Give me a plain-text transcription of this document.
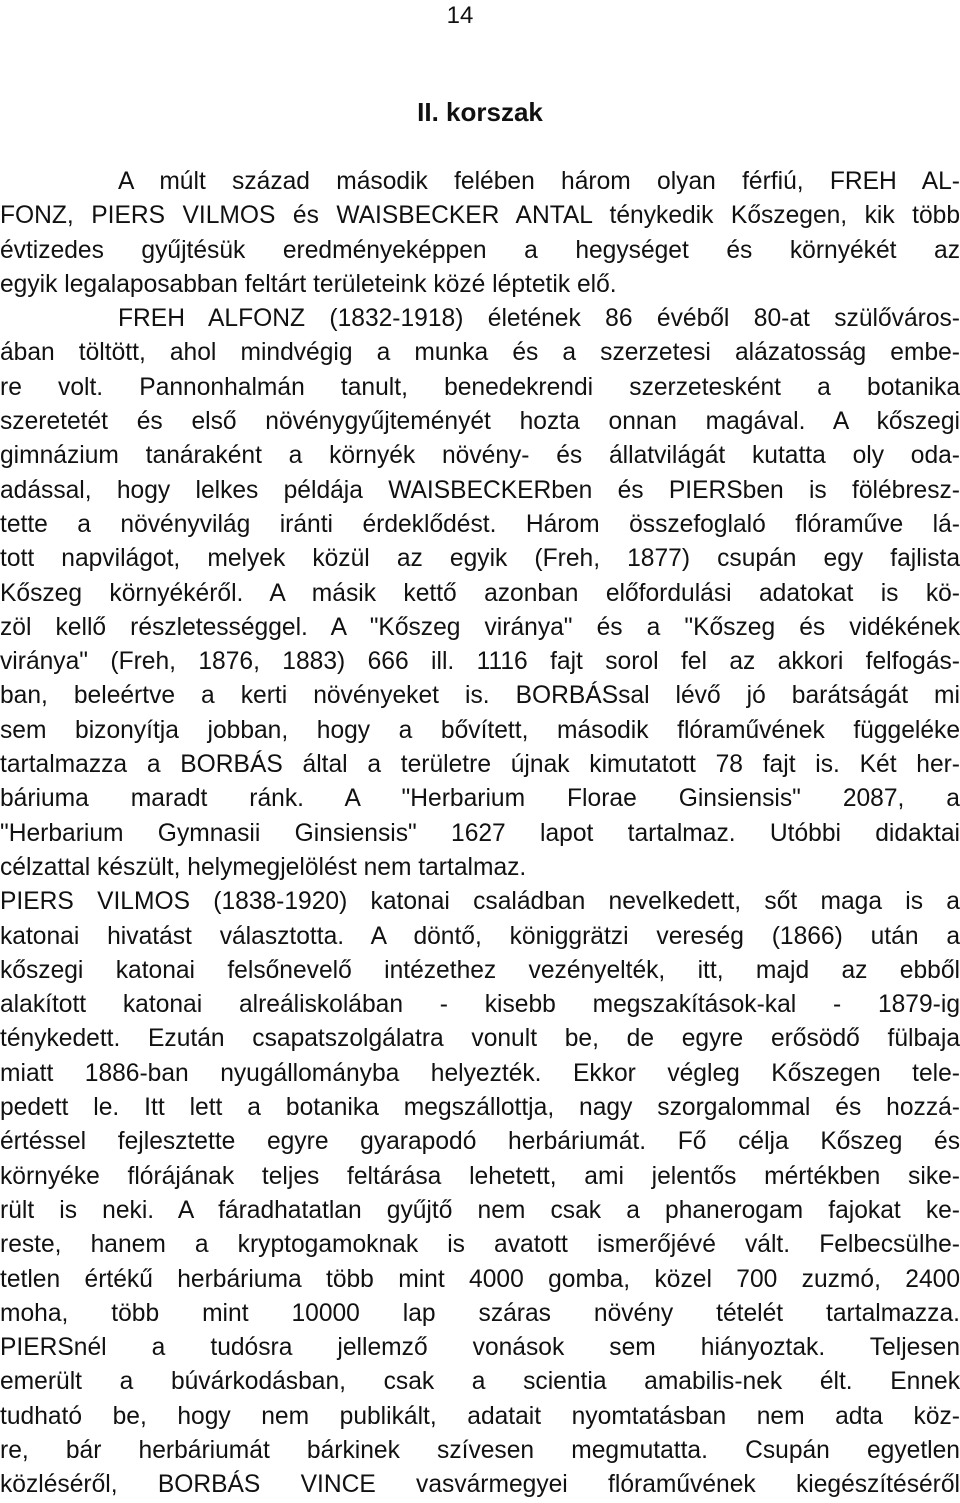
14
II. korszak
A múlt század második felében három olyan férfiú, FREH AL-
FONZ, PIERS VILMOS és WAISBECKER ANTAL ténykedik Kőszegen, kik több
évtizedes gyűjtésük eredményeképpen a hegységet és környékét az
egyik legalaposabban feltárt területeink közé léptetik elő.
FREH ALFONZ (1832-1918) életének 86 évéből 80-at szülőváros-
ában töltött, ahol mindvégig a munka és a szerzetesi alázatosság embe-
re volt. Pannonhalmán tanult, benedekrendi szerzetesként a botanika
szeretetét és első növénygyűjteményét hozta onnan magával. A kőszegi
gimnázium tanáraként a környék növény- és állatvilágát kutatta oly oda-
adással, hogy lelkes példája WAISBECKERben és PIERSben is fölébresz-
tette a növényvilág iránti érdeklődést. Három összefoglaló flóraműve lá-
tott napvilágot, melyek közül az egyik (Freh, 1877) csupán egy fajlista
Kőszeg környékéről. A másik kettő azonban előfordulási adatokat is kö-
zöl kellő részletességgel. A "Kőszeg viránya" és a "Kőszeg és vidékének
viránya" (Freh, 1876, 1883) 666 ill. 1116 fajt sorol fel az akkori felfogás-
ban, beleértve a kerti növényeket is. BORBÁSsal lévő jó barátságát mi
sem bizonyítja jobban, hogy a bővített, második flóraművének függeléke
tartalmazza a BORBÁS által a területre újnak kimutatott 78 fajt is. Két her-
báriuma maradt ránk. A "Herbarium Florae Ginsiensis" 2087, a
"Herbarium Gymnasii Ginsiensis" 1627 lapot tartalmaz. Utóbbi didaktai
célzattal készült, helymegjelölést nem tartalmaz.
PIERS VILMOS (1838-1920) katonai családban nevelkedett, sőt maga is a
katonai hivatást választotta. A döntő, königgrätzi vereség (1866) után a
kőszegi katonai felsőnevelő intézethez vezényelték, itt, majd az ebből
alakított katonai alreáliskolában - kisebb megszakítások-kal - 1879-ig
ténykedett. Ezután csapatszolgálatra vonult be, de egyre erősödő fülbaja
miatt 1886-ban nyugállományba helyezték. Ekkor végleg Kőszegen tele-
pedett le. Itt lett a botanika megszállottja, nagy szorgalommal és hozzá-
értéssel fejlesztette egyre gyarapodó herbáriumát. Fő célja Kőszeg és
környéke flórájának teljes feltárása lehetett, ami jelentős mértékben sike-
rült is neki. A fáradhatatlan gyűjtő nem csak a phanerogam fajokat ke-
reste, hanem a kryptogamoknak is avatott ismerőjévé vált. Felbecsülhe-
tetlen értékű herbáriuma több mint 4000 gomba, közel 700 zuzmó, 2400
moha, több mint 10000 lap száras növény tételét tartalmazza.
PIERSnél a tudósra jellemző vonások sem hiányoztak. Teljesen
emerült a búvárkodásban, csak a scientia amabilis-nek élt. Ennek
tudható be, hogy nem publikált, adatait nyomtatásban nem adta köz-
re, bár herbáriumát bárkinek szívesen megmutatta. Csupán egyetlen
közléséről, BORBÁS VINCE vasvármegyei flóraművének kiegészítéséről
